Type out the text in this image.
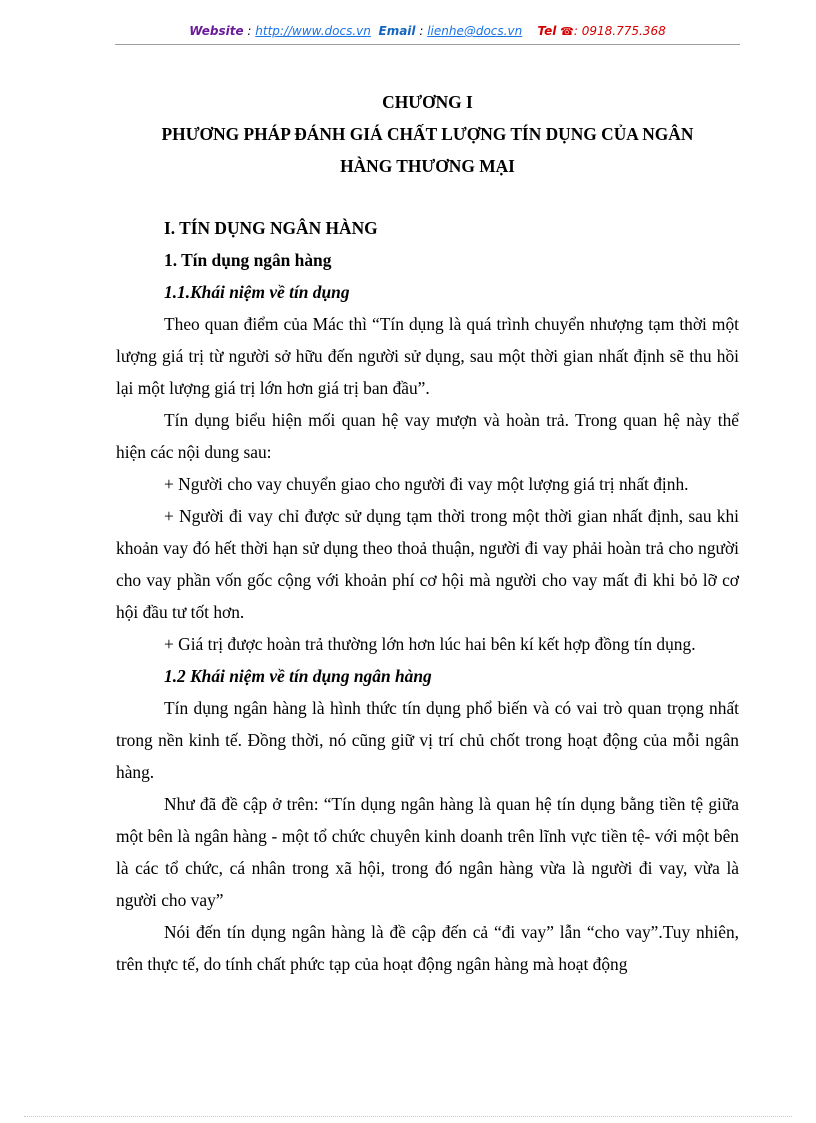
Website : http://www.docs.vn Email : lienhe@docs.vn Tel ☎: 0918.775.368

CHƯƠNG I

PHƯƠNG PHÁP ĐÁNH GIÁ CHẤT LƯỢNG TÍN DỤNG CỦA NGÂN

HÀNG THƯƠNG MẠI

I. TÍN DỤNG NGÂN HÀNG

1. Tín dụng ngân hàng

1.1.Khái niệm về tín dụng

Theo quan điểm của Mác thì “Tín dụng là quá trình chuyển nhượng tạm thời một lượng giá trị từ người sở hữu đến người sử dụng, sau một thời gian nhất định sẽ thu hồi lại một lượng giá trị lớn hơn giá trị ban đầu”.

Tín dụng biểu hiện mối quan hệ vay mượn và hoàn trả. Trong quan hệ này thể hiện các nội dung sau:

+ Người cho vay chuyển giao cho người đi vay một lượng giá trị nhất định.

+ Người đi vay chỉ được sử dụng tạm thời trong một thời gian nhất định, sau khi khoản vay đó hết thời hạn sử dụng theo thoả thuận, người đi vay phải hoàn trả cho người cho vay phần vốn gốc cộng với khoản phí cơ hội mà người cho vay mất đi khi bỏ lỡ cơ hội đầu tư tốt hơn.

+ Giá trị được hoàn trả thường lớn hơn lúc hai bên kí kết hợp đồng tín dụng.

1.2 Khái niệm về tín dụng ngân hàng

Tín dụng ngân hàng là hình thức tín dụng phổ biến và có vai trò quan trọng nhất trong nền kinh tế. Đồng thời, nó cũng giữ vị trí chủ chốt trong hoạt động của mỗi ngân hàng.

Như đã đề cập ở trên: “Tín dụng ngân hàng là quan hệ tín dụng bằng tiền tệ giữa một bên là ngân hàng - một tổ chức chuyên kinh doanh trên lĩnh vực tiền tệ- với một bên là các tổ chức, cá nhân trong xã hội, trong đó ngân hàng vừa là người đi vay, vừa là người cho vay”

Nói đến tín dụng ngân hàng là đề cập đến cả “đi vay” lẫn “cho vay”.Tuy nhiên, trên thực tế, do tính chất phức tạp của hoạt động ngân hàng mà hoạt động
